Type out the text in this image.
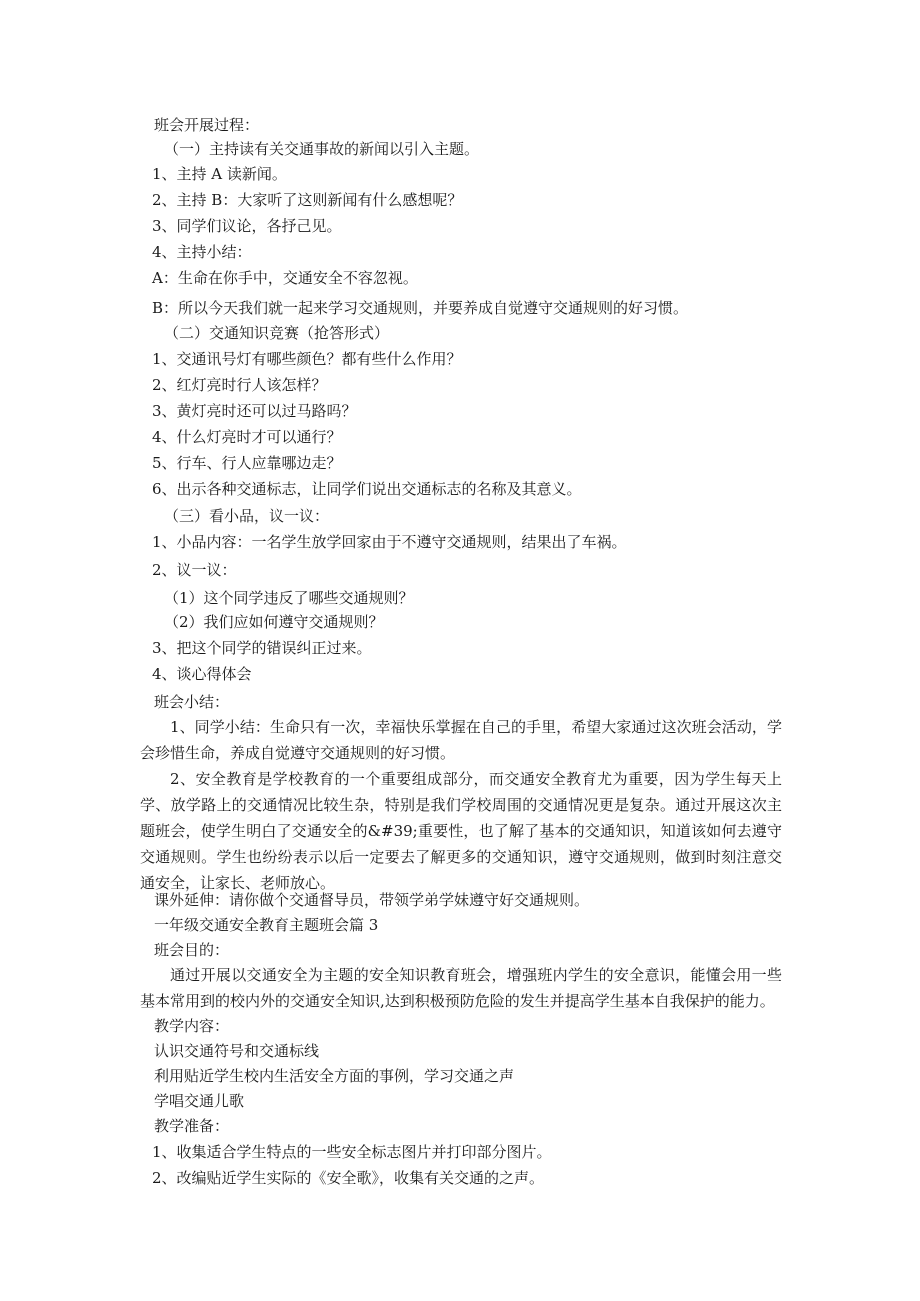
班会开展过程：
（一）主持读有关交通事故的新闻以引入主题。
1、主持 A 读新闻。
2、主持 B：大家听了这则新闻有什么感想呢？
3、同学们议论，各抒己见。
4、主持小结：
A：生命在你手中，交通安全不容忽视。
B：所以今天我们就一起来学习交通规则，并要养成自觉遵守交通规则的好习惯。
（二）交通知识竞赛（抢答形式）
1、交通讯号灯有哪些颜色？都有些什么作用？
2、红灯亮时行人该怎样？
3、黄灯亮时还可以过马路吗？
4、什么灯亮时才可以通行？
5、行车、行人应靠哪边走？
6、出示各种交通标志，让同学们说出交通标志的名称及其意义。
（三）看小品，议一议：
1、小品内容：一名学生放学回家由于不遵守交通规则，结果出了车祸。
2、议一议：
（1）这个同学违反了哪些交通规则？
（2）我们应如何遵守交通规则？
3、把这个同学的错误纠正过来。
4、谈心得体会
班会小结：
1、同学小结：生命只有一次，幸福快乐掌握在自己的手里，希望大家通过这次班会活动，学会珍惜生命，养成自觉遵守交通规则的好习惯。
2、安全教育是学校教育的一个重要组成部分，而交通安全教育尤为重要，因为学生每天上学、放学路上的交通情况比较生杂，特别是我们学校周围的交通情况更是复杂。通过开展这次主题班会，使学生明白了交通安全的&#39;重要性，也了解了基本的交通知识，知道该如何去遵守交通规则。学生也纷纷表示以后一定要去了解更多的交通知识，遵守交通规则，做到时刻注意交通安全，让家长、老师放心。
课外延伸：请你做个交通督导员，带领学弟学妹遵守好交通规则。
一年级交通安全教育主题班会篇 3
班会目的：
通过开展以交通安全为主题的安全知识教育班会，增强班内学生的安全意识，能懂会用一些基本常用到的校内外的交通安全知识,达到积极预防危险的发生并提高学生基本自我保护的能力。
教学内容：
认识交通符号和交通标线
利用贴近学生校内生活安全方面的事例，学习交通之声
学唱交通儿歌
教学准备：
1、收集适合学生特点的一些安全标志图片并打印部分图片。
2、改编贴近学生实际的《安全歌》，收集有关交通的之声。
